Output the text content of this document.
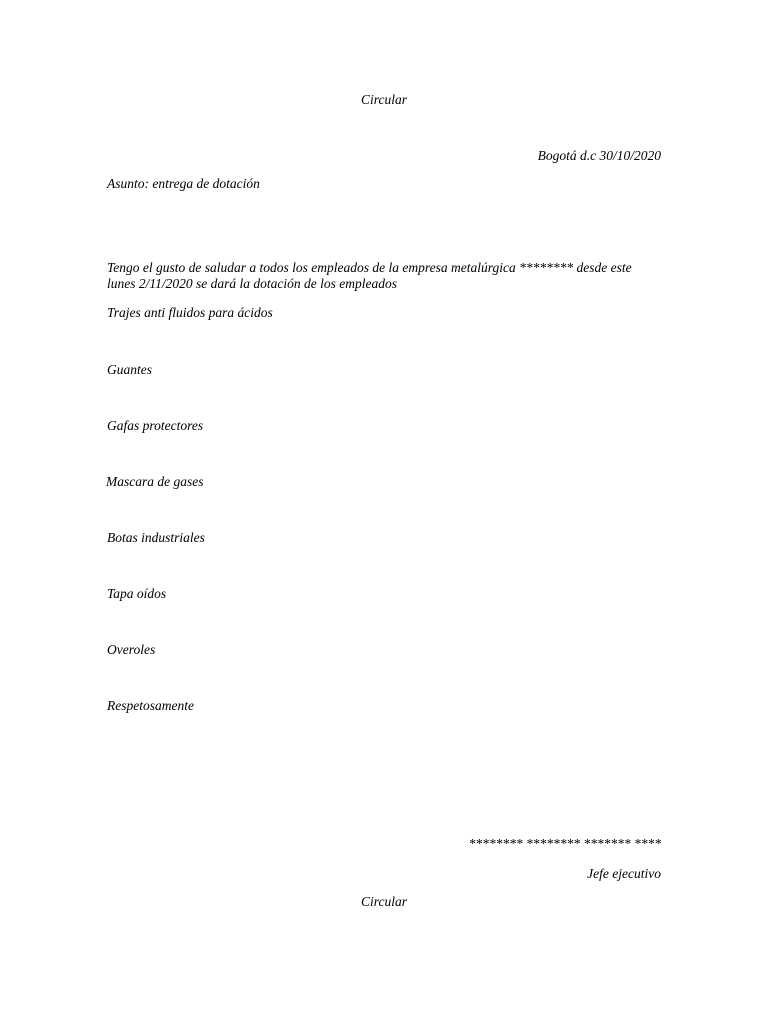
Circular
Bogotá d.c 30/10/2020
Asunto: entrega de dotación
Tengo el gusto de saludar a todos los empleados de la empresa metalúrgica ******** desde este
lunes 2/11/2020 se dará la dotación de los empleados
Trajes anti fluidos para ácidos
Guantes
Gafas protectores
Mascara de gases
Botas industriales
Tapa oídos
Overoles
Respetosamente
******** ******** ******* ****
Jefe ejecutivo
Circular
